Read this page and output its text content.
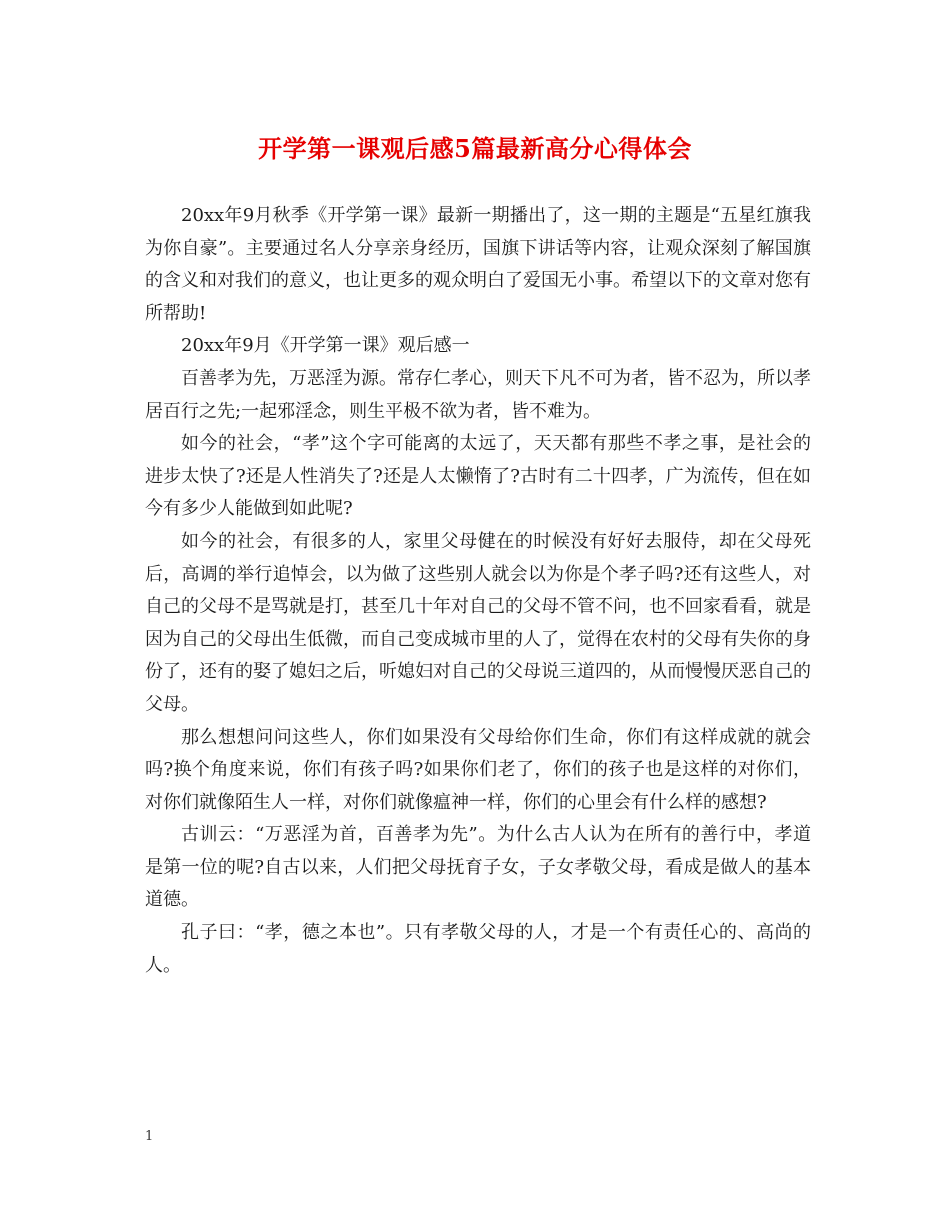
开学第一课观后感5篇最新高分心得体会

20xx年9月秋季《开学第一课》最新一期播出了，这一期的主题是“五星红旗我为你自豪”。主要通过名人分享亲身经历，国旗下讲话等内容，让观众深刻了解国旗的含义和对我们的意义，也让更多的观众明白了爱国无小事。希望以下的文章对您有所帮助!

20xx年9月《开学第一课》观后感一

百善孝为先，万恶淫为源。常存仁孝心，则天下凡不可为者，皆不忍为，所以孝居百行之先;一起邪淫念，则生平极不欲为者，皆不难为。

如今的社会，“孝”这个字可能离的太远了，天天都有那些不孝之事，是社会的进步太快了?还是人性消失了?还是人太懒惰了?古时有二十四孝，广为流传，但在如今有多少人能做到如此呢?

如今的社会，有很多的人，家里父母健在的时候没有好好去服侍，却在父母死后，高调的举行追悼会，以为做了这些别人就会以为你是个孝子吗?还有这些人，对自己的父母不是骂就是打，甚至几十年对自己的父母不管不问，也不回家看看，就是因为自己的父母出生低微，而自己变成城市里的人了，觉得在农村的父母有失你的身份了，还有的娶了媳妇之后，听媳妇对自己的父母说三道四的，从而慢慢厌恶自己的父母。

那么想想问问这些人，你们如果没有父母给你们生命，你们有这样成就的就会吗?换个角度来说，你们有孩子吗?如果你们老了，你们的孩子也是这样的对你们，对你们就像陌生人一样，对你们就像瘟神一样，你们的心里会有什么样的感想?

古训云：“万恶淫为首，百善孝为先”。为什么古人认为在所有的善行中，孝道是第一位的呢?自古以来，人们把父母抚育子女，子女孝敬父母，看成是做人的基本道德。

孔子曰：“孝，德之本也”。只有孝敬父母的人，才是一个有责任心的、高尚的人。

1
